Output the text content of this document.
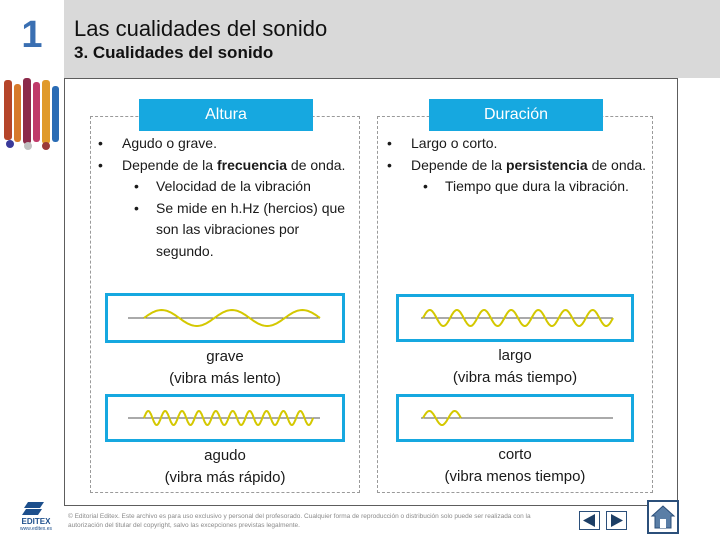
1	Las cualidades del sonido
3. Cualidades del sonido
Altura	Duración
• Agudo o grave.
• Depende de la frecuencia de onda.
• Velocidad de la vibración
• Se mide en h.Hz (hercios) que son las vibraciones por segundo.
• Largo o corto.
• Depende de la persistencia de onda.
• Tiempo que dura la vibración.
grave
(vibra más lento)
agudo
(vibra más rápido)
largo
(vibra más tiempo)
corto
(vibra menos tiempo)
EDITEX
www.editex.es
© Editorial Editex. Este archivo es para uso exclusivo y personal del profesorado. Cualquier forma de reproducción o distribución solo puede ser realizada con la autorización del titular del copyright, salvo las excepciones previstas legalmente.
